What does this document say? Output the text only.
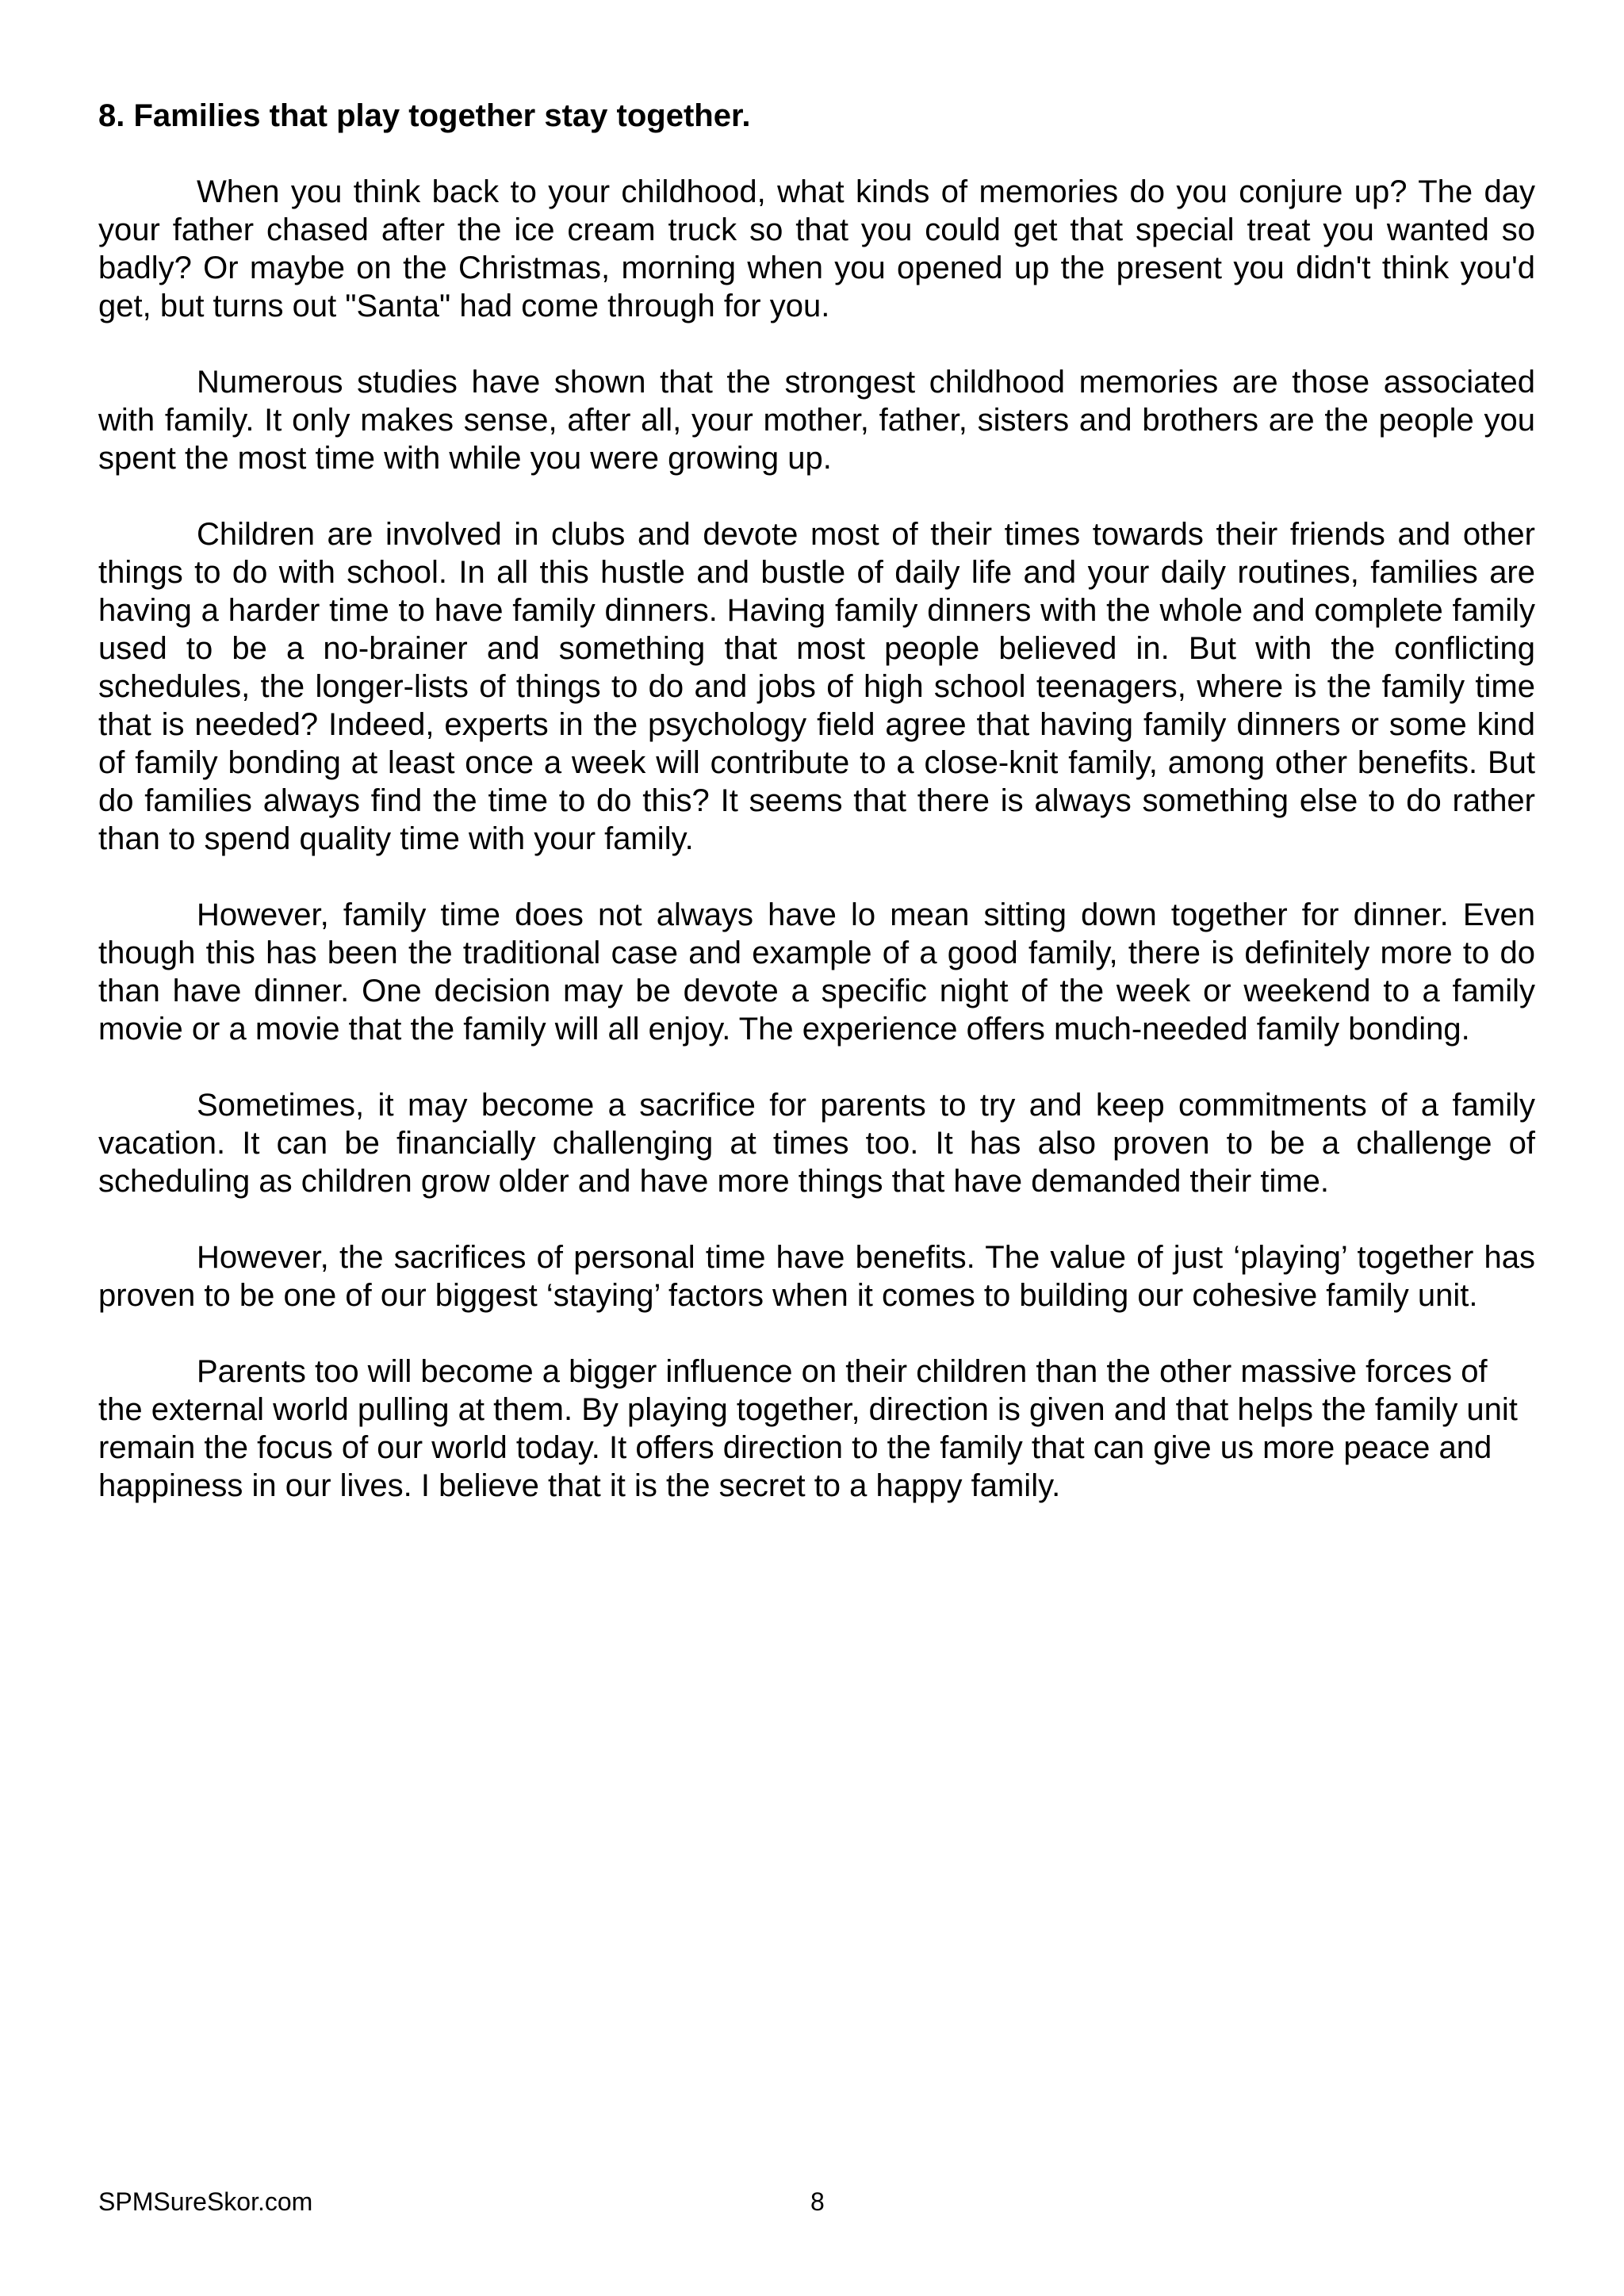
8. Families that play together stay together.

When you think back to your childhood, what kinds of memories do you conjure up? The day your father chased after the ice cream truck so that you could get that special treat you wanted so badly? Or maybe on the Christmas, morning when you opened up the present you didn't think you'd get, but turns out "Santa" had come through for you.

Numerous studies have shown that the strongest childhood memories are those associated with family. It only makes sense, after all, your mother, father, sisters and brothers are the people you spent the most time with while you were growing up.

Children are involved in clubs and devote most of their times towards their friends and other things to do with school. In all this hustle and bustle of daily life and your daily routines, families are having a harder time to have family dinners. Having family dinners with the whole and complete family used to be a no-brainer and something that most people believed in. But with the conflicting schedules, the longer-lists of things to do and jobs of high school teenagers, where is the family time that is needed? Indeed, experts in the psychology field agree that having family dinners or some kind of family bonding at least once a week will contribute to a close-knit family, among other benefits. But do families always find the time to do this? It seems that there is always something else to do rather than to spend quality time with your family.

However, family time does not always have lo mean sitting down together for dinner. Even though this has been the traditional case and example of a good family, there is definitely more to do than have dinner. One decision may be devote a specific night of the week or weekend to a family movie or a movie that the family will all enjoy. The experience offers much-needed family bonding.

Sometimes, it may become a sacrifice for parents to try and keep commitments of a family vacation. It can be financially challenging at times too. It has also proven to be a challenge of scheduling as children grow older and have more things that have demanded their time.

However, the sacrifices of personal time have benefits. The value of just ‘playing’ together has proven to be one of our biggest ‘staying’ factors when it comes to building our cohesive family unit.

Parents too will become a bigger influence on their children than the other massive forces of the external world pulling at them. By playing together, direction is given and that helps the family unit remain the focus of our world today. It offers direction to the family that can give us more peace and happiness in our lives. I believe that it is the secret to a happy family.

SPMSureSkor.com	8
